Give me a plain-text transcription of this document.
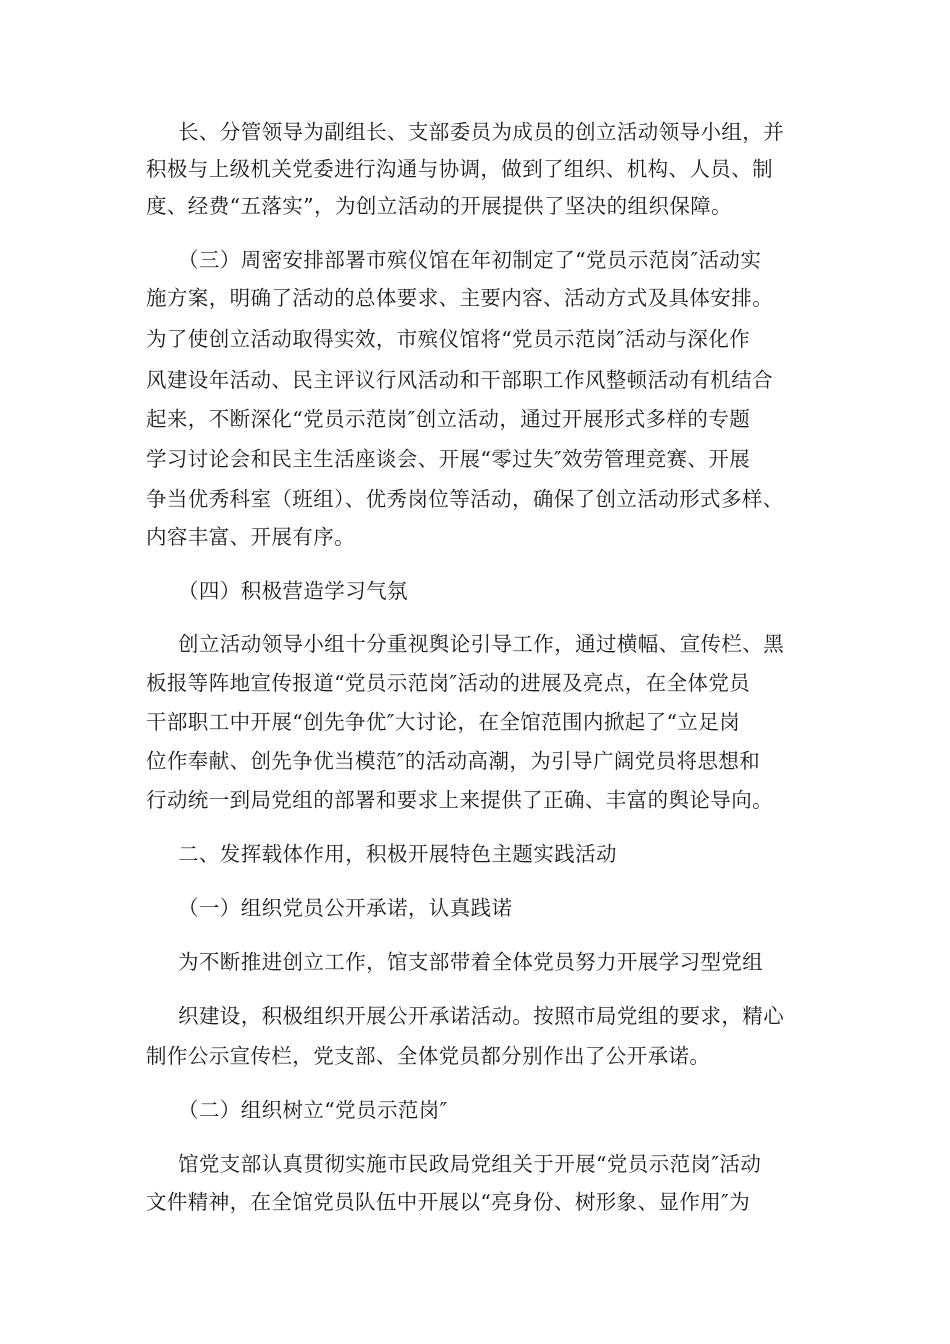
长、分管领导为副组长、支部委员为成员的创立活动领导小组，并
积极与上级机关党委进行沟通与协调，做到了组织、机构、人员、制
度、经费“五落实”，为创立活动的开展提供了坚决的组织保障。
（三）周密安排部署市殡仪馆在年初制定了“党员示范岗″活动实
施方案，明确了活动的总体要求、主要内容、活动方式及具体安排。
为了使创立活动取得实效，市殡仪馆将“党员示范岗″活动与深化作
风建设年活动、民主评议行风活动和干部职工作风整顿活动有机结合
起来，不断深化“党员示范岗″创立活动，通过开展形式多样的专题
学习讨论会和民主生活座谈会、开展“零过失″效劳管理竞赛、开展
争当优秀科室（班组）、优秀岗位等活动，确保了创立活动形式多样、
内容丰富、开展有序。
（四）积极营造学习气氛
创立活动领导小组十分重视舆论引导工作，通过横幅、宣传栏、黑
板报等阵地宣传报道“党员示范岗″活动的进展及亮点，在全体党员
干部职工中开展“创先争优″大讨论，在全馆范围内掀起了“立足岗
位作奉献、创先争优当模范″的活动高潮，为引导广阔党员将思想和
行动统一到局党组的部署和要求上来提供了正确、丰富的舆论导向。
二、发挥载体作用，积极开展特色主题实践活动
（一）组织党员公开承诺，认真践诺
为不断推进创立工作，馆支部带着全体党员努力开展学习型党组
织建设，积极组织开展公开承诺活动。按照市局党组的要求，精心
制作公示宣传栏，党支部、全体党员都分别作出了公开承诺。
（二）组织树立“党员示范岗″
馆党支部认真贯彻实施市民政局党组关于开展“党员示范岗″活动
文件精神，在全馆党员队伍中开展以“亮身份、树形象、显作用″为
